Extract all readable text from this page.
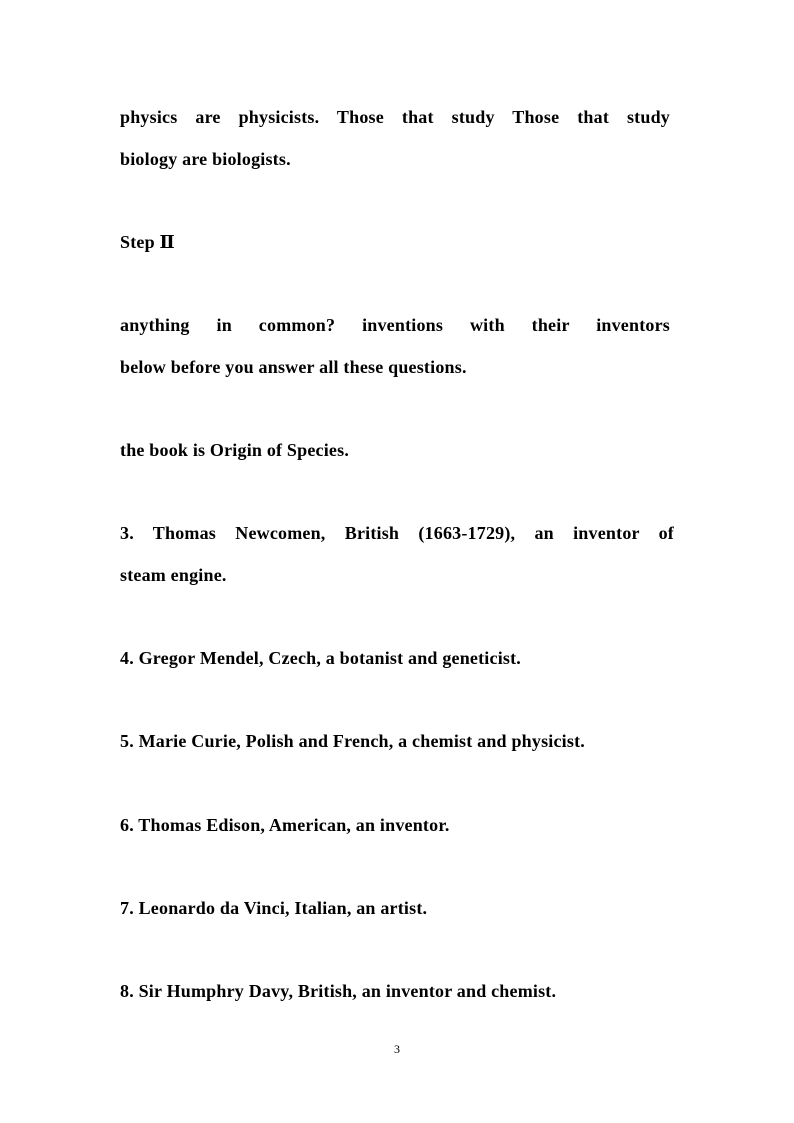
physics are physicists. Those that study Those that study
biology are biologists.
Step Ⅱ
anything in common? inventions with their inventors
below before you answer all these questions.
the book is Origin of Species.
3. Thomas Newcomen, British (1663-1729), an inventor of
steam engine.
4. Gregor Mendel, Czech, a botanist and geneticist.
5. Marie Curie, Polish and French, a chemist and physicist.
6. Thomas Edison, American, an inventor.
7. Leonardo da Vinci, Italian, an artist.
8. Sir Humphry Davy, British, an inventor and chemist.
3
